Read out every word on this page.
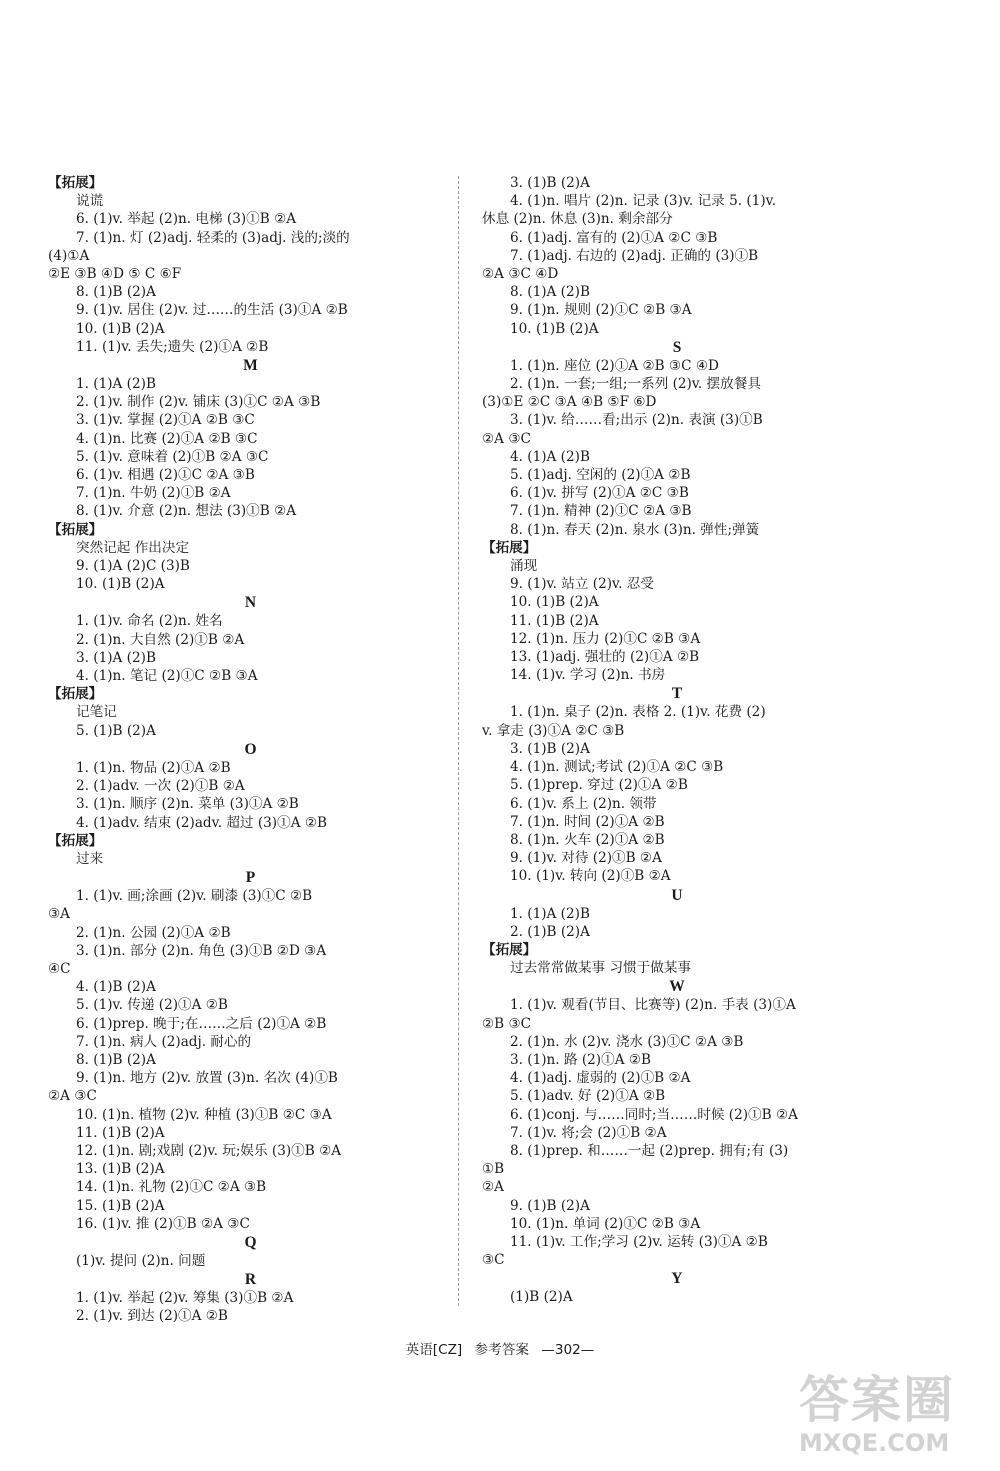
【拓展】
说谎
6. (1)v. 举起 (2)n. 电梯 (3)①B ②A
7. (1)n. 灯 (2)adj. 轻柔的 (3)adj. 浅的;淡的
(4)①A
②E ③B ④D ⑤ C ⑥F
8. (1)B (2)A
9. (1)v. 居住 (2)v. 过……的生活 (3)①A ②B
10. (1)B (2)A
11. (1)v. 丢失;遗失 (2)①A ②B
M
1. (1)A (2)B
2. (1)v. 制作 (2)v. 铺床 (3)①C ②A ③B
3. (1)v. 掌握 (2)①A ②B ③C
4. (1)n. 比赛 (2)①A ②B ③C
5. (1)v. 意味着 (2)①B ②A ③C
6. (1)v. 相遇 (2)①C ②A ③B
7. (1)n. 牛奶 (2)①B ②A
8. (1)v. 介意 (2)n. 想法 (3)①B ②A
【拓展】
突然记起 作出决定
9. (1)A (2)C (3)B
10. (1)B (2)A
N
1. (1)v. 命名 (2)n. 姓名
2. (1)n. 大自然 (2)①B ②A
3. (1)A (2)B
4. (1)n. 笔记 (2)①C ②B ③A
【拓展】
记笔记
5. (1)B (2)A
O
1. (1)n. 物品 (2)①A ②B
2. (1)adv. 一次 (2)①B ②A
3. (1)n. 顺序 (2)n. 菜单 (3)①A ②B
4. (1)adv. 结束 (2)adv. 超过 (3)①A ②B
【拓展】
过来
P
1. (1)v. 画;涂画 (2)v. 刷漆 (3)①C ②B
③A
2. (1)n. 公园 (2)①A ②B
3. (1)n. 部分 (2)n. 角色 (3)①B ②D ③A
④C
4. (1)B (2)A
5. (1)v. 传递 (2)①A ②B
6. (1)prep. 晚于;在……之后 (2)①A ②B
7. (1)n. 病人 (2)adj. 耐心的
8. (1)B (2)A
9. (1)n. 地方 (2)v. 放置 (3)n. 名次 (4)①B
②A ③C
10. (1)n. 植物 (2)v. 种植 (3)①B ②C ③A
11. (1)B (2)A
12. (1)n. 剧;戏剧 (2)v. 玩;娱乐 (3)①B ②A
13. (1)B (2)A
14. (1)n. 礼物 (2)①C ②A ③B
15. (1)B (2)A
16. (1)v. 推 (2)①B ②A ③C
Q
(1)v. 提问 (2)n. 问题
R
1. (1)v. 举起 (2)v. 筹集 (3)①B ②A
2. (1)v. 到达 (2)①A ②B
3. (1)B (2)A
4. (1)n. 唱片 (2)n. 记录 (3)v. 记录 5. (1)v.
休息 (2)n. 休息 (3)n. 剩余部分
6. (1)adj. 富有的 (2)①A ②C ③B
7. (1)adj. 右边的 (2)adj. 正确的 (3)①B
②A ③C ④D
8. (1)A (2)B
9. (1)n. 规则 (2)①C ②B ③A
10. (1)B (2)A
S
1. (1)n. 座位 (2)①A ②B ③C ④D
2. (1)n. 一套;一组;一系列 (2)v. 摆放餐具
(3)①E ②C ③A ④B ⑤F ⑥D
3. (1)v. 给……看;出示 (2)n. 表演 (3)①B
②A ③C
4. (1)A (2)B
5. (1)adj. 空闲的 (2)①A ②B
6. (1)v. 拼写 (2)①A ②C ③B
7. (1)n. 精神 (2)①C ②A ③B
8. (1)n. 春天 (2)n. 泉水 (3)n. 弹性;弹簧
【拓展】
涌现
9. (1)v. 站立 (2)v. 忍受
10. (1)B (2)A
11. (1)B (2)A
12. (1)n. 压力 (2)①C ②B ③A
13. (1)adj. 强壮的 (2)①A ②B
14. (1)v. 学习 (2)n. 书房
T
1. (1)n. 桌子 (2)n. 表格 2. (1)v. 花费 (2)
v. 拿走 (3)①A ②C ③B
3. (1)B (2)A
4. (1)n. 测试;考试 (2)①A ②C ③B
5. (1)prep. 穿过 (2)①A ②B
6. (1)v. 系上 (2)n. 领带
7. (1)n. 时间 (2)①A ②B
8. (1)n. 火车 (2)①A ②B
9. (1)v. 对待 (2)①B ②A
10. (1)v. 转向 (2)①B ②A
U
1. (1)A (2)B
2. (1)B (2)A
【拓展】
过去常常做某事 习惯于做某事
W
1. (1)v. 观看(节目、比赛等) (2)n. 手表 (3)①A
②B ③C
2. (1)n. 水 (2)v. 浇水 (3)①C ②A ③B
3. (1)n. 路 (2)①A ②B
4. (1)adj. 虚弱的 (2)①B ②A
5. (1)adv. 好 (2)①A ②B
6. (1)conj. 与……同时;当……时候 (2)①B ②A
7. (1)v. 将;会 (2)①B ②A
8. (1)prep. 和……一起 (2)prep. 拥有;有 (3)
①B
②A
9. (1)B (2)A
10. (1)n. 单词 (2)①C ②B ③A
11. (1)v. 工作;学习 (2)v. 运转 (3)①A ②B
③C
Y
(1)B (2)A
英语[CZ] 参考答案 —302—
答案圈
MXQE.COM
